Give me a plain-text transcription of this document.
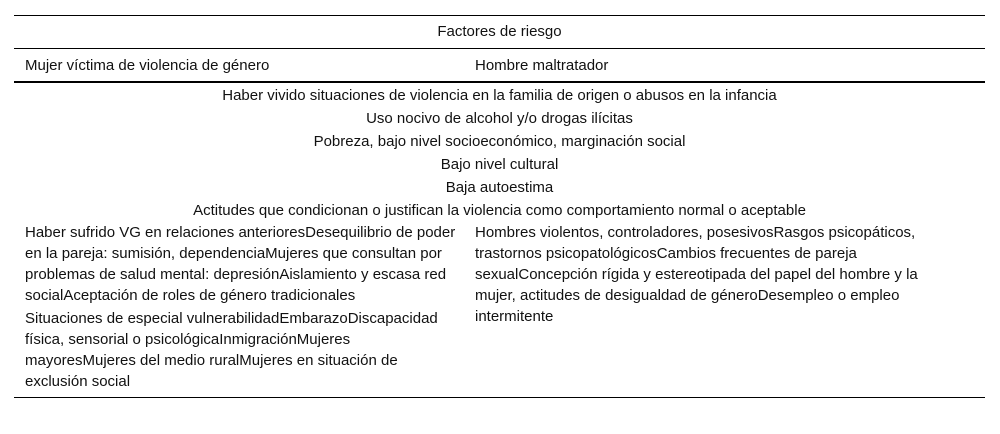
Factores de riesgo
Mujer víctima de violencia de género	Hombre maltratador
Haber vivido situaciones de violencia en la familia de origen o abusos en la infancia
Uso nocivo de alcohol y/o drogas ilícitas
Pobreza, bajo nivel socioeconómico, marginación social
Bajo nivel cultural
Baja autoestima
Actitudes que condicionan o justifican la violencia como comportamiento normal o aceptable
Haber sufrido VG en relaciones anterioresDesequilibrio de poder en la pareja: sumisión, dependenciaMujeres que consultan por problemas de salud mental: depresiónAislamiento y escasa red socialAceptación de roles de género tradicionales
Situaciones de especial vulnerabilidadEmbarazoDiscapacidad física, sensorial o psicológicaInmigraciónMujeres mayoresMujeres del medio ruralMujeres en situación de exclusión social
Hombres violentos, controladores, posesivosRasgos psicopáticos, trastornos psicopatológicosCambios frecuentes de pareja sexualConcepción rígida y estereotipada del papel del hombre y la mujer, actitudes de desigualdad de géneroDesempleo o empleo intermitente
